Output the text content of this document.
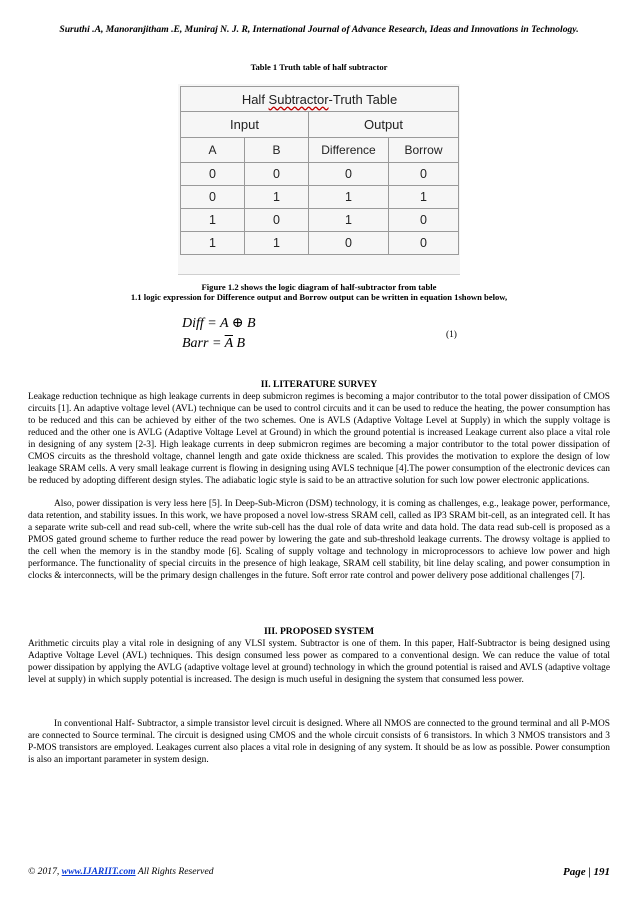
Suruthi .A, Manoranjitham .E, Muniraj N. J. R, International Journal of Advance Research, Ideas and Innovations in Technology.
Table 1 Truth table of half subtractor
Half Subtractor-Truth Table			
Input		Output	
A	B	Difference	Borrow
0	0	0	0
0	1	1	1
1	0	1	0
1	1	0	0
Figure 1.2 shows the logic diagram of half-subtractor from table
1.1 logic expression for Difference output and Borrow output can be written in equation 1shown below,
Diff = A ⊕ B
Barr = $\overline{A}$ B
(1)
II. LITERATURE SURVEY

Leakage reduction technique as high leakage currents in deep submicron regimes is becoming a major contributor to the total power dissipation of CMOS circuits [1]. An adaptive voltage level (AVL) technique can be used to control circuits and it can be used to reduce the heating, the power consumption has to be reduced and this can be achieved by either of the two schemes. One is AVLS (Adaptive Voltage Level at Supply) in which the supply voltage is reduced and the other one is AVLG (Adaptive Voltage Level at Ground) in which the ground potential is increased Leakage current also place a vital role in designing of any system [2-3]. High leakage currents in deep submicron regimes are becoming a major contributor to the total power dissipation of CMOS circuits as the threshold voltage, channel length and gate oxide thickness are scaled. This provides the motivation to explore the design of low leakage SRAM cells. A very small leakage current is flowing in designing using AVLS technique [4].The power consumption of the electronic devices can be reduced by adopting different design styles. The adiabatic logic style is said to be an attractive solution for such low power electronic applications.

Also, power dissipation is very less here [5]. In Deep-Sub-Micron (DSM) technology, it is coming as challenges, e.g., leakage power, performance, data retention, and stability issues. In this work, we have proposed a novel low-stress SRAM cell, called as IP3 SRAM bit-cell, as an integrated cell. It has a separate write sub-cell and read sub-cell, where the write sub-cell has the dual role of data write and data hold. The data read sub-cell is proposed as a PMOS gated ground scheme to further reduce the read power by lowering the gate and sub-threshold leakage currents. The drowsy voltage is applied to the cell when the memory is in the standby mode [6]. Scaling of supply voltage and technology in microprocessors to achieve low power and high performance. The functionality of special circuits in the presence of high leakage, SRAM cell stability, bit line delay scaling, and power consumption in clocks & interconnects, will be the primary design challenges in the future. Soft error rate control and power delivery pose additional challenges [7].

III. PROPOSED SYSTEM

Arithmetic circuits play a vital role in designing of any VLSI system. Subtractor is one of them. In this paper, Half-Subtractor is being designed using Adaptive Voltage Level (AVL) techniques. This design consumed less power as compared to a conventional design. We can reduce the value of total power dissipation by applying the AVLG (adaptive voltage level at ground) technology in which the ground potential is raised and AVLS (adaptive voltage level at supply) in which supply potential is increased. The design is much useful in designing the system that consumed less power.

In conventional Half- Subtractor, a simple transistor level circuit is designed. Where all NMOS are connected to the ground terminal and all P-MOS are connected to Source terminal. The circuit is designed using CMOS and the whole circuit consists of 6 transistors. In which 3 NMOS transistors and 3 P-MOS transistors are employed. Leakages current also places a vital role in designing of any system. It should be as low as possible. Power consumption is also an important parameter in system design.

© 2017, www.IJARIIT.com All Rights Reserved	Page | 191
